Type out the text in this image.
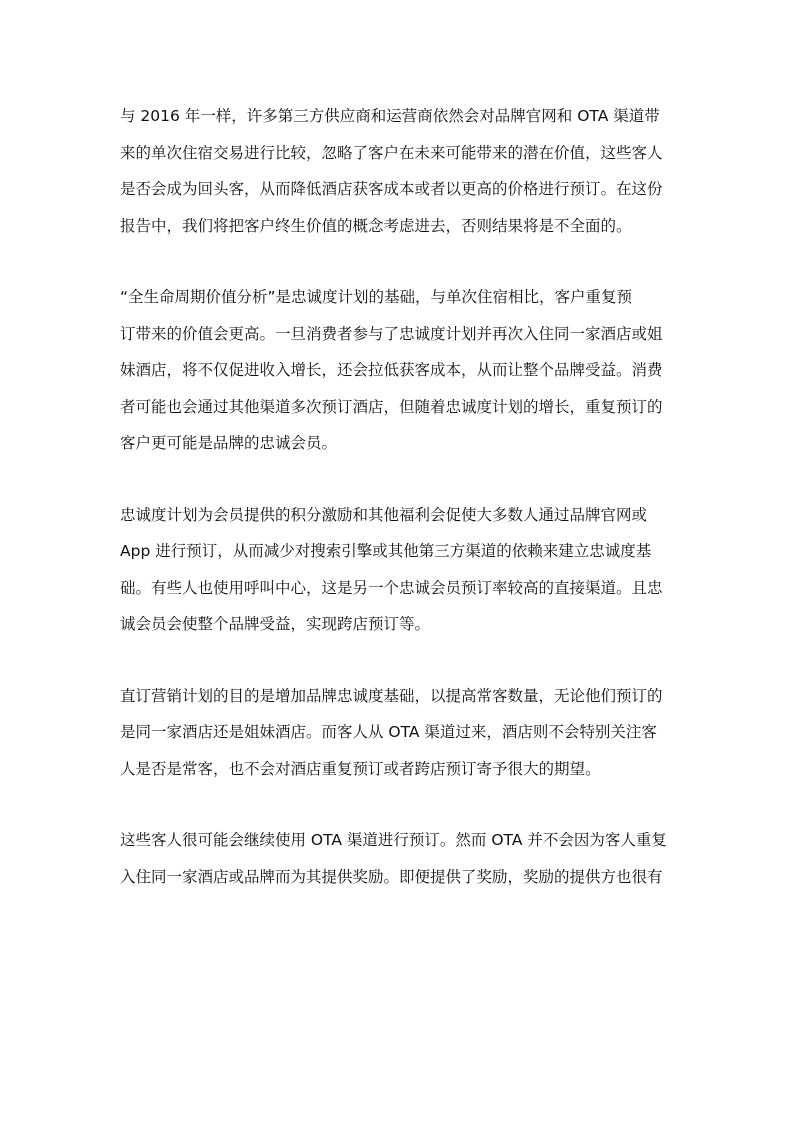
与 2016 年一样，许多第三方供应商和运营商依然会对品牌官网和 OTA 渠道带
来的单次住宿交易进行比较，忽略了客户在未来可能带来的潜在价值，这些客人
是否会成为回头客，从而降低酒店获客成本或者以更高的价格进行预订。在这份
报告中，我们将把客户终生价值的概念考虑进去，否则结果将是不全面的。

“全生命周期价值分析”是忠诚度计划的基础，与单次住宿相比，客户重复预
订带来的价值会更高。一旦消费者参与了忠诚度计划并再次入住同一家酒店或姐
妹酒店，将不仅促进收入增长，还会拉低获客成本，从而让整个品牌受益。消费
者可能也会通过其他渠道多次预订酒店，但随着忠诚度计划的增长，重复预订的
客户更可能是品牌的忠诚会员。

忠诚度计划为会员提供的积分激励和其他福利会促使大多数人通过品牌官网或
App 进行预订，从而减少对搜索引擎或其他第三方渠道的依赖来建立忠诚度基
础。有些人也使用呼叫中心，这是另一个忠诚会员预订率较高的直接渠道。且忠
诚会员会使整个品牌受益，实现跨店预订等。

直订营销计划的目的是增加品牌忠诚度基础，以提高常客数量，无论他们预订的
是同一家酒店还是姐妹酒店。而客人从 OTA 渠道过来，酒店则不会特别关注客
人是否是常客，也不会对酒店重复预订或者跨店预订寄予很大的期望。

这些客人很可能会继续使用 OTA 渠道进行预订。然而 OTA 并不会因为客人重复
入住同一家酒店或品牌而为其提供奖励。即便提供了奖励，奖励的提供方也很有
